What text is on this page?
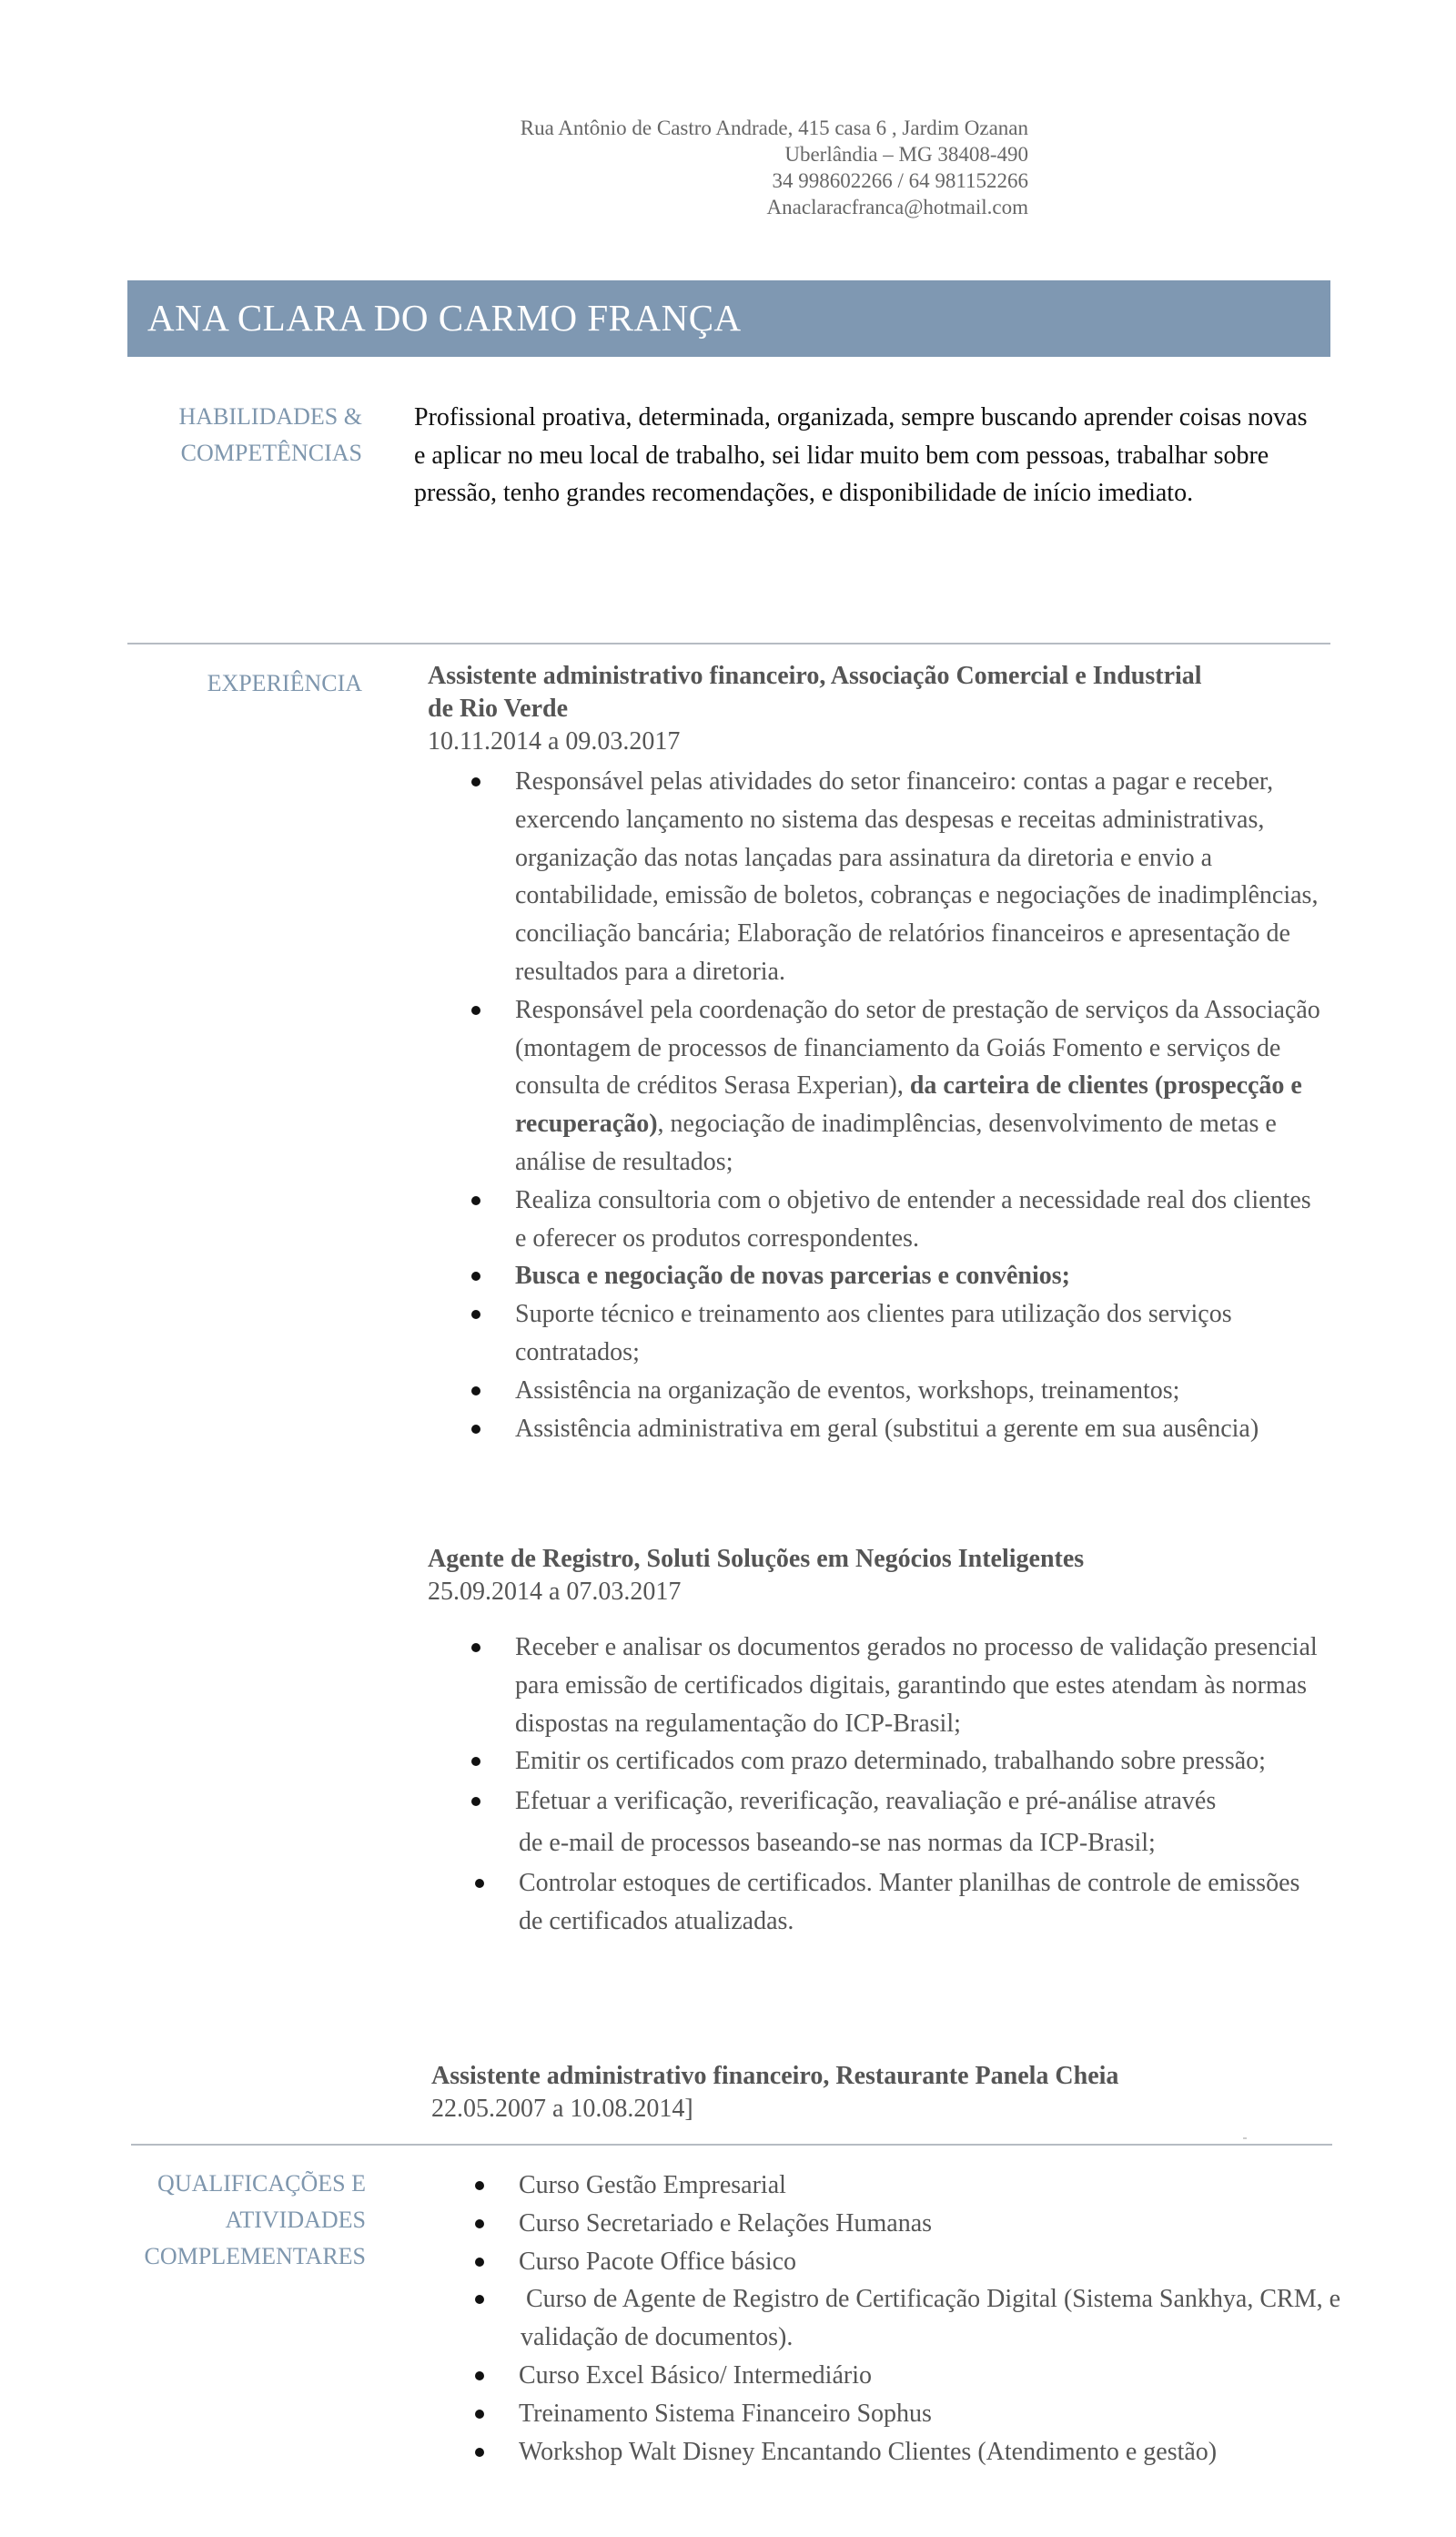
Rua Antônio de Castro Andrade, 415 casa 6 , Jardim Ozanan
Uberlândia – MG 38408-490
34 998602266 / 64 981152266
Anaclaracfranca@hotmail.com
ANA CLARA DO CARMO FRANÇA
HABILIDADES &
COMPETÊNCIAS
Profissional proativa, determinada, organizada, sempre buscando aprender coisas novas e aplicar no meu local de trabalho, sei lidar muito bem com pessoas, trabalhar sobre pressão, tenho grandes recomendações, e disponibilidade de início imediato.
EXPERIÊNCIA	Assistente administrativo financeiro, Associação Comercial e Industrial

de Rio Verde

10.11.2014 a 09.03.2017

Responsável pelas atividades do setor financeiro: contas a pagar e receber, exercendo lançamento no sistema das despesas e receitas administrativas, organização das notas lançadas para assinatura da diretoria e envio a contabilidade, emissão de boletos, cobranças e negociações de inadimplências, conciliação bancária; Elaboração de relatórios financeiros e apresentação de resultados para a diretoria.
Responsável pela coordenação do setor de prestação de serviços da Associação (montagem de processos de financiamento da Goiás Fomento e serviços de consulta de créditos Serasa Experian), da carteira de clientes (prospecção e recuperação), negociação de inadimplências, desenvolvimento de metas e análise de resultados;
Realiza consultoria com o objetivo de entender a necessidade real dos clientes e oferecer os produtos correspondentes.
Busca e negociação de novas parcerias e convênios;
Suporte técnico e treinamento aos clientes para utilização dos serviços contratados;
Assistência na organização de eventos, workshops, treinamentos;
Assistência administrativa em geral (substitui a gerente em sua ausência)

Agente de Registro, Soluti Soluções em Negócios Inteligentes

25.09.2014 a 07.03.2017

Receber e analisar os documentos gerados no processo de validação presencial para emissão de certificados digitais, garantindo que estes atendam às normas dispostas na regulamentação do ICP-Brasil;
Emitir os certificados com prazo determinado, trabalhando sobre pressão;
Efetuar a verificação, reverificação, reavaliação e pré-análise através
de e-mail de processos baseando-se nas normas da ICP-Brasil;
Controlar estoques de certificados. Manter planilhas de controle de emissões de certificados atualizadas.

Assistente administrativo financeiro, Restaurante Panela Cheia

22.05.2007 a 10.08.2014]

QUALIFICAÇÕES E
ATIVIDADES
COMPLEMENTARES
Curso Gestão Empresarial
Curso Secretariado e Relações Humanas
Curso Pacote Office básico
Curso de Agente de Registro de Certificação Digital (Sistema Sankhya, CRM, e validação de documentos).
Curso Excel Básico/ Intermediário
Treinamento Sistema Financeiro Sophus
Workshop Walt Disney Encantando Clientes (Atendimento e gestão)
